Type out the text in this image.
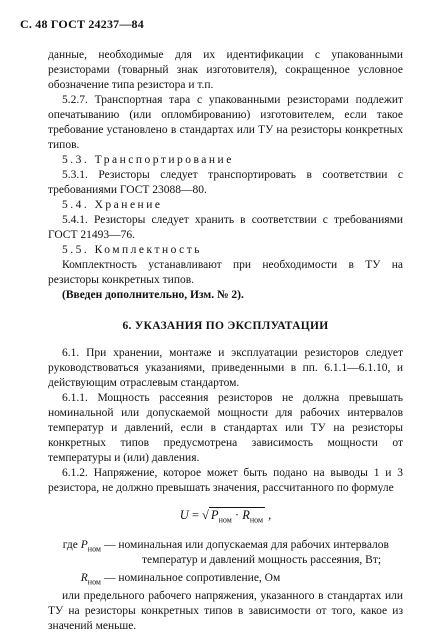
С. 48 ГОСТ 24237—84

данные, необходимые для их идентификации с упакованными резисторами (товарный знак изготовителя), сокращенное условное обозначение типа резистора и т.п.

5.2.7. Транспортная тара с упакованными резисторами подлежит опечатыванию (или опломбированию) изготовителем, если такое требование установлено в стандартах или ТУ на резисторы конкретных типов.

5.3. Транспортирование

5.3.1. Резисторы следует транспортировать в соответствии с требованиями ГОСТ 23088—80.

5.4. Хранение

5.4.1. Резисторы следует хранить в соответствии с требованиями ГОСТ 21493—76.

5.5. Комплектность

Комплектность устанавливают при необходимости в ТУ на резисторы конкретных типов.

(Введен дополнительно, Изм. № 2).

6. УКАЗАНИЯ ПО ЭКСПЛУАТАЦИИ

6.1. При хранении, монтаже и эксплуатации резисторов следует руководствоваться указаниями, приведенными в пп. 6.1.1—6.1.10, и действующим отраслевым стандартом.

6.1.1. Мощность рассеяния резисторов не должна превышать номинальной или допускаемой мощности для рабочих интервалов температур и давлений, если в стандартах или ТУ на резисторы конкретных типов предусмотрена зависимость мощности от температуры и (или) давления.

6.1.2. Напряжение, которое может быть подано на выводы 1 и 3 резистора, не должно превышать значения, рассчитанного по формуле

U = √ $P_{ном} \cdot R_{ном}$ ,
где $P_{ном}$ — номинальная или допускаемая для рабочих интервалов
температур и давлений мощность рассеяния, Вт;
$R_{ном}$ — номинальное сопротивление, Ом

или предельного рабочего напряжения, указанного в стандартах или ТУ на резисторы конкретных типов в зависимости от того, какое из значений меньше.
